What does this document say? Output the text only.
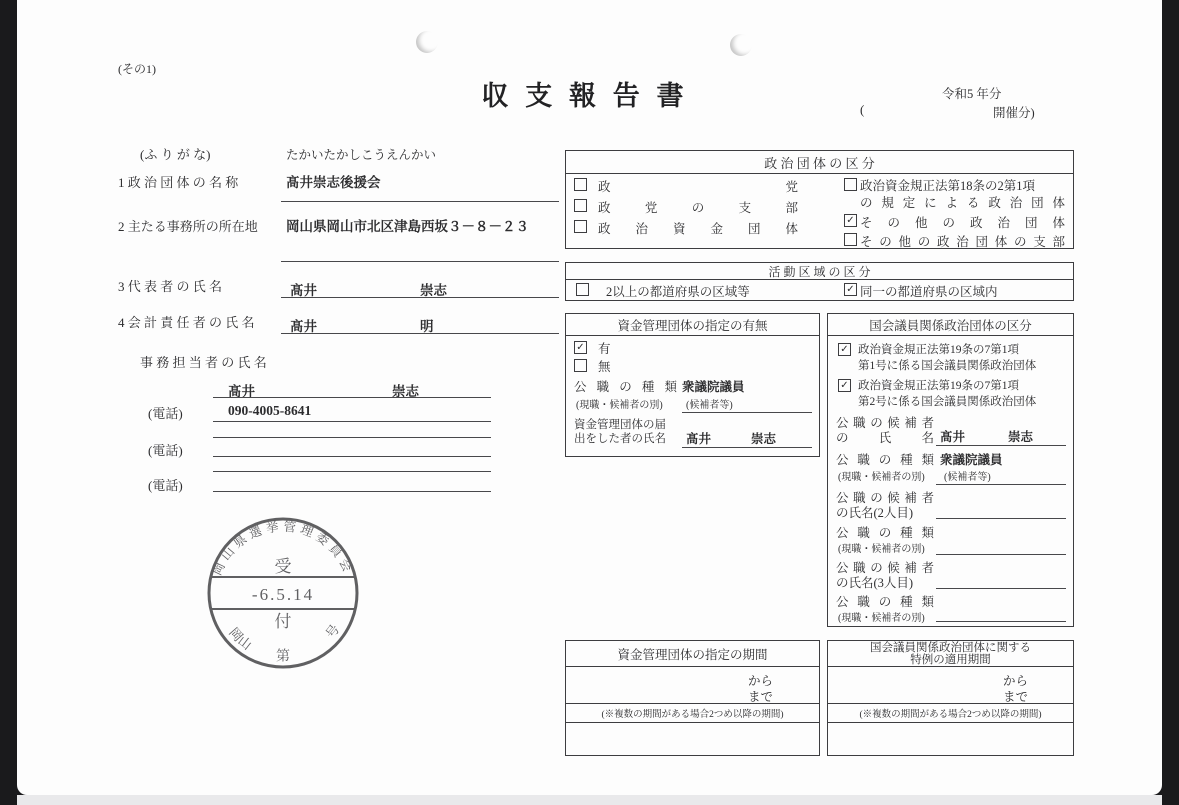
(その1)
収 支 報 告 書	令和5 年分
(	開催分)
(ふ り が な)	たかいたかしこうえんかい
1 政 治 団 体 の 名 称	髙井崇志後援会
2 主たる事務所の所在地 岡山県岡山市北区津島西坂３－８－２３
3 代 表 者 の 氏 名	髙井	崇志
4 会 計 責 任 者 の 氏 名	髙井	明
事 務 担 当 者 の 氏 名
髙井	崇志
(電話)	090-4005-8641
(電話)
(電話)
岡山県選挙管理委員会
受
-6.5.14
付
岡山
第
号
政 治 団 体 の 区 分
政 党
政 党 の 支 部
政 治 資 金 団 体
政治資金規正法第18条の2第1項
の 規 定 に よ る 政 治 団 体
✓ そ の 他 の 政 治 団 体
そ の 他 の 政 治 団 体 の 支 部
活 動 区 域 の 区 分
2以上の都道府県の区域等	✓ 同一の都道府県の区域内
資金管理団体の指定の有無
✓ 有
無
公 職 の 種 類 衆議院議員
(現職・候補者の別) (候補者等)
資金管理団体の届
出をした者の氏名 髙井	崇志
国会議員関係政治団体の区分
✓ 政治資金規正法第19条の7第1項
第1号に係る国会議員関係政治団体
✓ 政治資金規正法第19条の7第1項
第2号に係る国会議員関係政治団体
公 職 の 候 補 者
の 氏 名 髙井	崇志
公 職 の 種 類 衆議院議員
(現職・候補者の別) (候補者等)
公 職 の 候 補 者
の氏名(2人目)
公 職 の 種 類
(現職・候補者の別)
公 職 の 候 補 者
の氏名(3人目)
公 職 の 種 類
(現職・候補者の別)
資金管理団体の指定の期間
から
まで
(※複数の期間がある場合2つめ以降の期間)
国会議員関係政治団体に関する
特例の適用期間
から
まで
(※複数の期間がある場合2つめ以降の期間)
